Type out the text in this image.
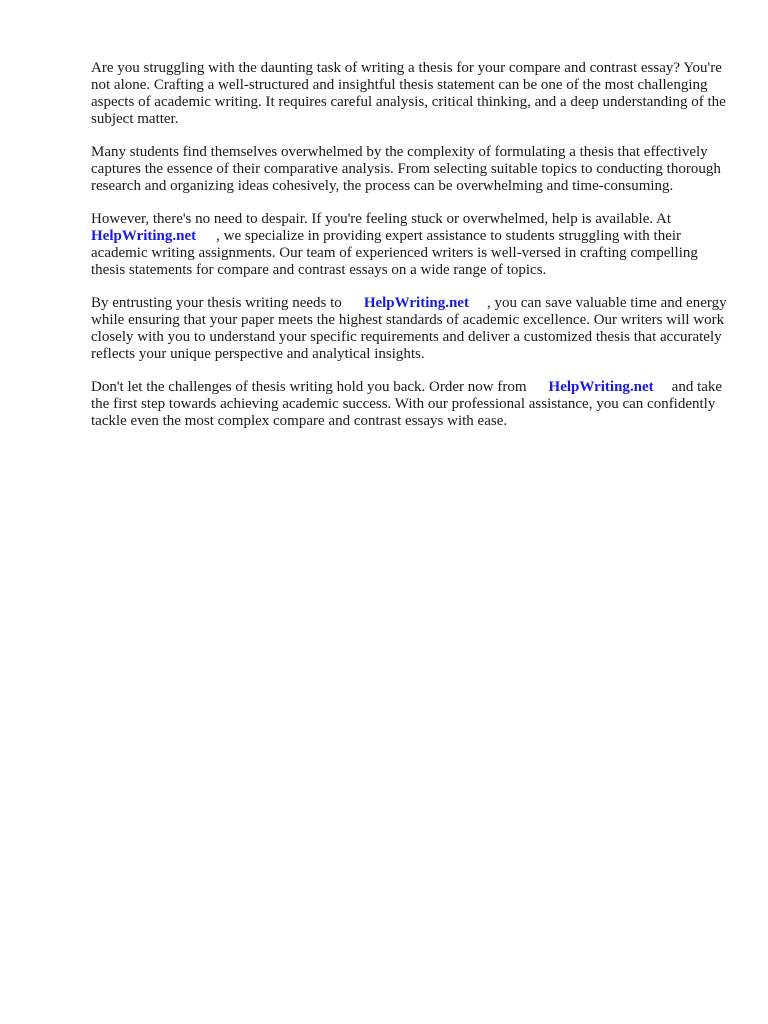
Are you struggling with the daunting task of writing a thesis for your compare and contrast essay? You're not alone. Crafting a well-structured and insightful thesis statement can be one of the most challenging aspects of academic writing. It requires careful analysis, critical thinking, and a deep understanding of the subject matter.

Many students find themselves overwhelmed by the complexity of formulating a thesis that effectively captures the essence of their comparative analysis. From selecting suitable topics to conducting thorough research and organizing ideas cohesively, the process can be overwhelming and time-consuming.

However, there's no need to despair. If you're feeling stuck or overwhelmed, help is available. At
HelpWriting.net , we specialize in providing expert assistance to students struggling with their academic writing assignments. Our team of experienced writers is well-versed in crafting compelling thesis statements for compare and contrast essays on a wide range of topics.

By entrusting your thesis writing needs to HelpWriting.net , you can save valuable time and energy while ensuring that your paper meets the highest standards of academic excellence. Our writers will work closely with you to understand your specific requirements and deliver a customized thesis that accurately reflects your unique perspective and analytical insights.

Don't let the challenges of thesis writing hold you back. Order now from HelpWriting.net and take the first step towards achieving academic success. With our professional assistance, you can confidently tackle even the most complex compare and contrast essays with ease.
